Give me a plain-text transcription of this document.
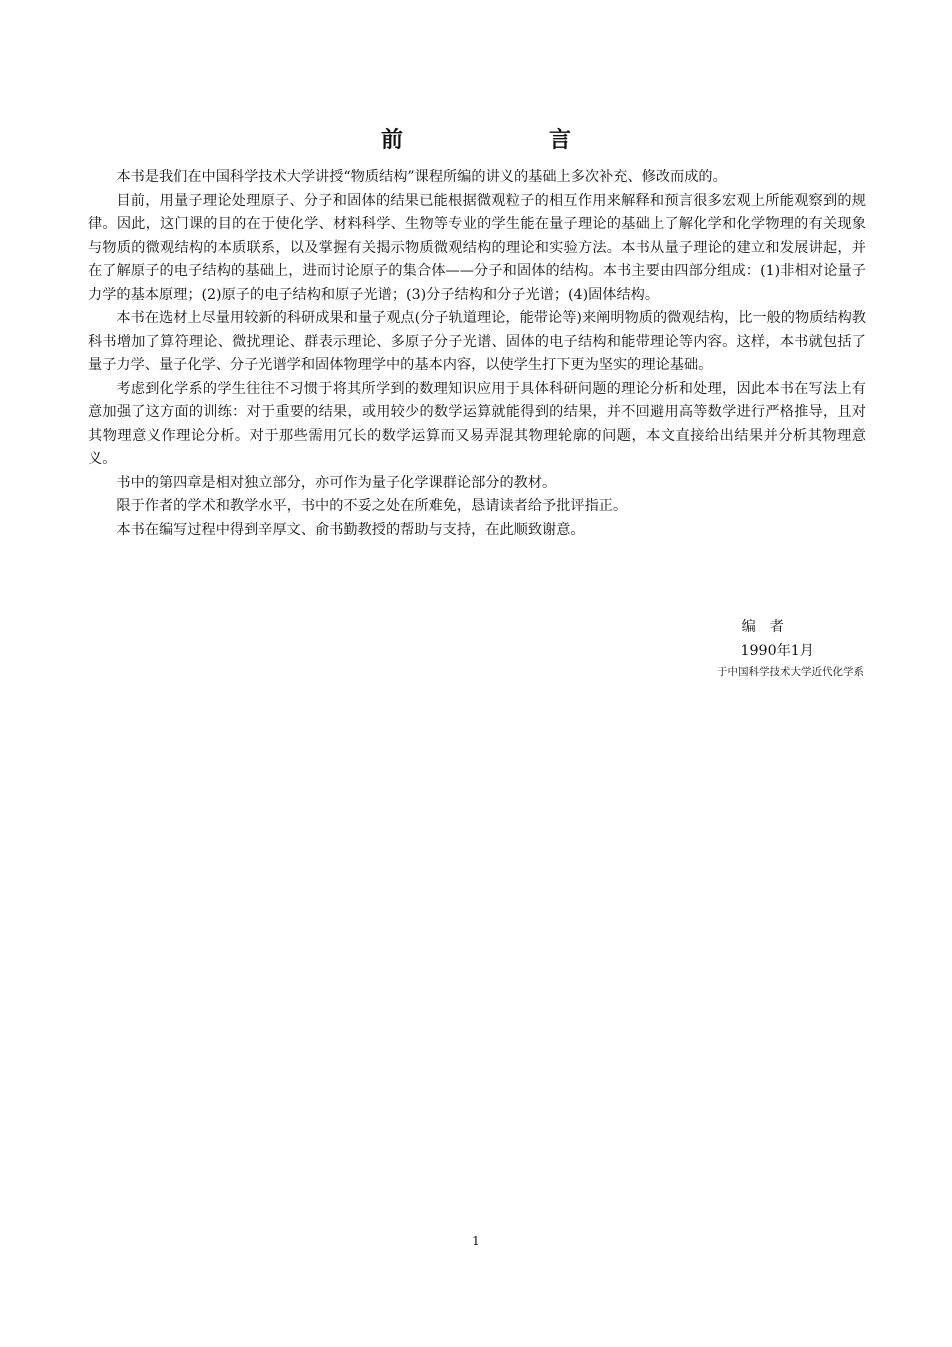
前　言

本书是我们在中国科学技术大学讲授“物质结构”课程所编的讲义的基础上多次补充、修改而成的。

目前，用量子理论处理原子、分子和固体的结果已能根据微观粒子的相互作用来解释和预言很多宏观上所能观察到的规律。因此，这门课的目的在于使化学、材料科学、生物等专业的学生能在量子理论的基础上了解化学和化学物理的有关现象与物质的微观结构的本质联系，以及掌握有关揭示物质微观结构的理论和实验方法。本书从量子理论的建立和发展讲起，并在了解原子的电子结构的基础上，进而讨论原子的集合体——分子和固体的结构。本书主要由四部分组成：(1)非相对论量子力学的基本原理；(2)原子的电子结构和原子光谱；(3)分子结构和分子光谱；(4)固体结构。

本书在选材上尽量用较新的科研成果和量子观点(分子轨道理论，能带论等)来阐明物质的微观结构，比一般的物质结构教科书增加了算符理论、微扰理论、群表示理论、多原子分子光谱、固体的电子结构和能带理论等内容。这样，本书就包括了量子力学、量子化学、分子光谱学和固体物理学中的基本内容，以使学生打下更为坚实的理论基础。

考虑到化学系的学生往往不习惯于将其所学到的数理知识应用于具体科研问题的理论分析和处理，因此本书在写法上有意加强了这方面的训练：对于重要的结果，或用较少的数学运算就能得到的结果，并不回避用高等数学进行严格推导，且对其物理意义作理论分析。对于那些需用冗长的数学运算而又易弄混其物理轮廓的问题，本文直接给出结果并分析其物理意义。

书中的第四章是相对独立部分，亦可作为量子化学课群论部分的教材。

限于作者的学术和教学水平，书中的不妥之处在所难免，恳请读者给予批评指正。

本书在编写过程中得到辛厚文、俞书勤教授的帮助与支持，在此顺致谢意。

编者
1990年1月
于中国科学技术大学近代化学系
1
